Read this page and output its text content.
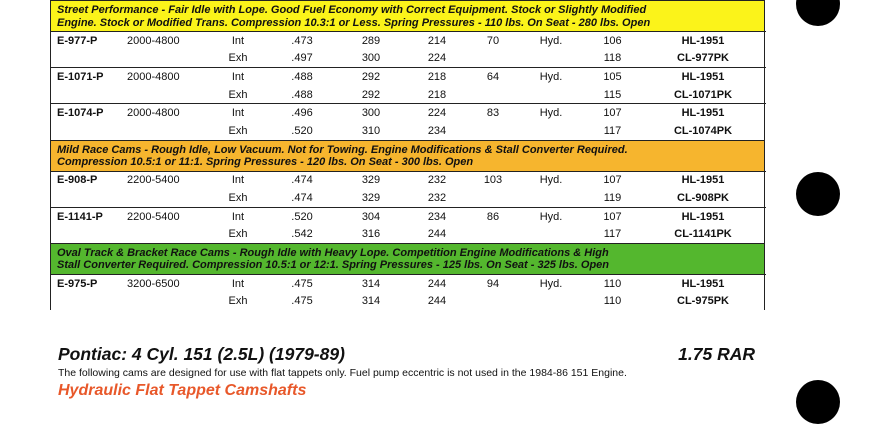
Street Performance - Fair Idle with Lope. Good Fuel Economy with Correct Equipment. Stock or Slightly Modified
Engine. Stock or Modified Trans. Compression 10.3:1 or Less. Spring Pressures - 110 lbs. On Seat - 280 lbs. Open
E-977-P	2000-4800	Int	.473	289	214	70	Hyd.	106	HL-1951
		Exh	.497	300	224			118	CL-977PK
E-1071-P	2000-4800	Int	.488	292	218	64	Hyd.	105	HL-1951
		Exh	.488	292	218			115	CL-1071PK
E-1074-P	2000-4800	Int	.496	300	224	83	Hyd.	107	HL-1951
		Exh	.520	310	234			117	CL-1074PK
Mild Race Cams - Rough Idle, Low Vacuum. Not for Towing. Engine Modifications & Stall Converter Required.
Compression 10.5:1 or 11:1. Spring Pressures - 120 lbs. On Seat - 300 lbs. Open
E-908-P	2200-5400	Int	.474	329	232	103	Hyd.	107	HL-1951
		Exh	.474	329	232			119	CL-908PK
E-1141-P	2200-5400	Int	.520	304	234	86	Hyd.	107	HL-1951
		Exh	.542	316	244			117	CL-1141PK
Oval Track & Bracket Race Cams - Rough Idle with Heavy Lope. Competition Engine Modifications & High
Stall Converter Required. Compression 10.5:1 or 12:1. Spring Pressures - 125 lbs. On Seat - 325 lbs. Open
E-975-P	3200-6500	Int	.475	314	244	94	Hyd.	110	HL-1951
		Exh	.475	314	244			110	CL-975PK
Pontiac: 4 Cyl. 151 (2.5L) (1979-89)	1.75 RAR
The following cams are designed for use with flat tappets only. Fuel pump eccentric is not used in the 1984-86 151 Engine.
Hydraulic Flat Tappet Camshafts
